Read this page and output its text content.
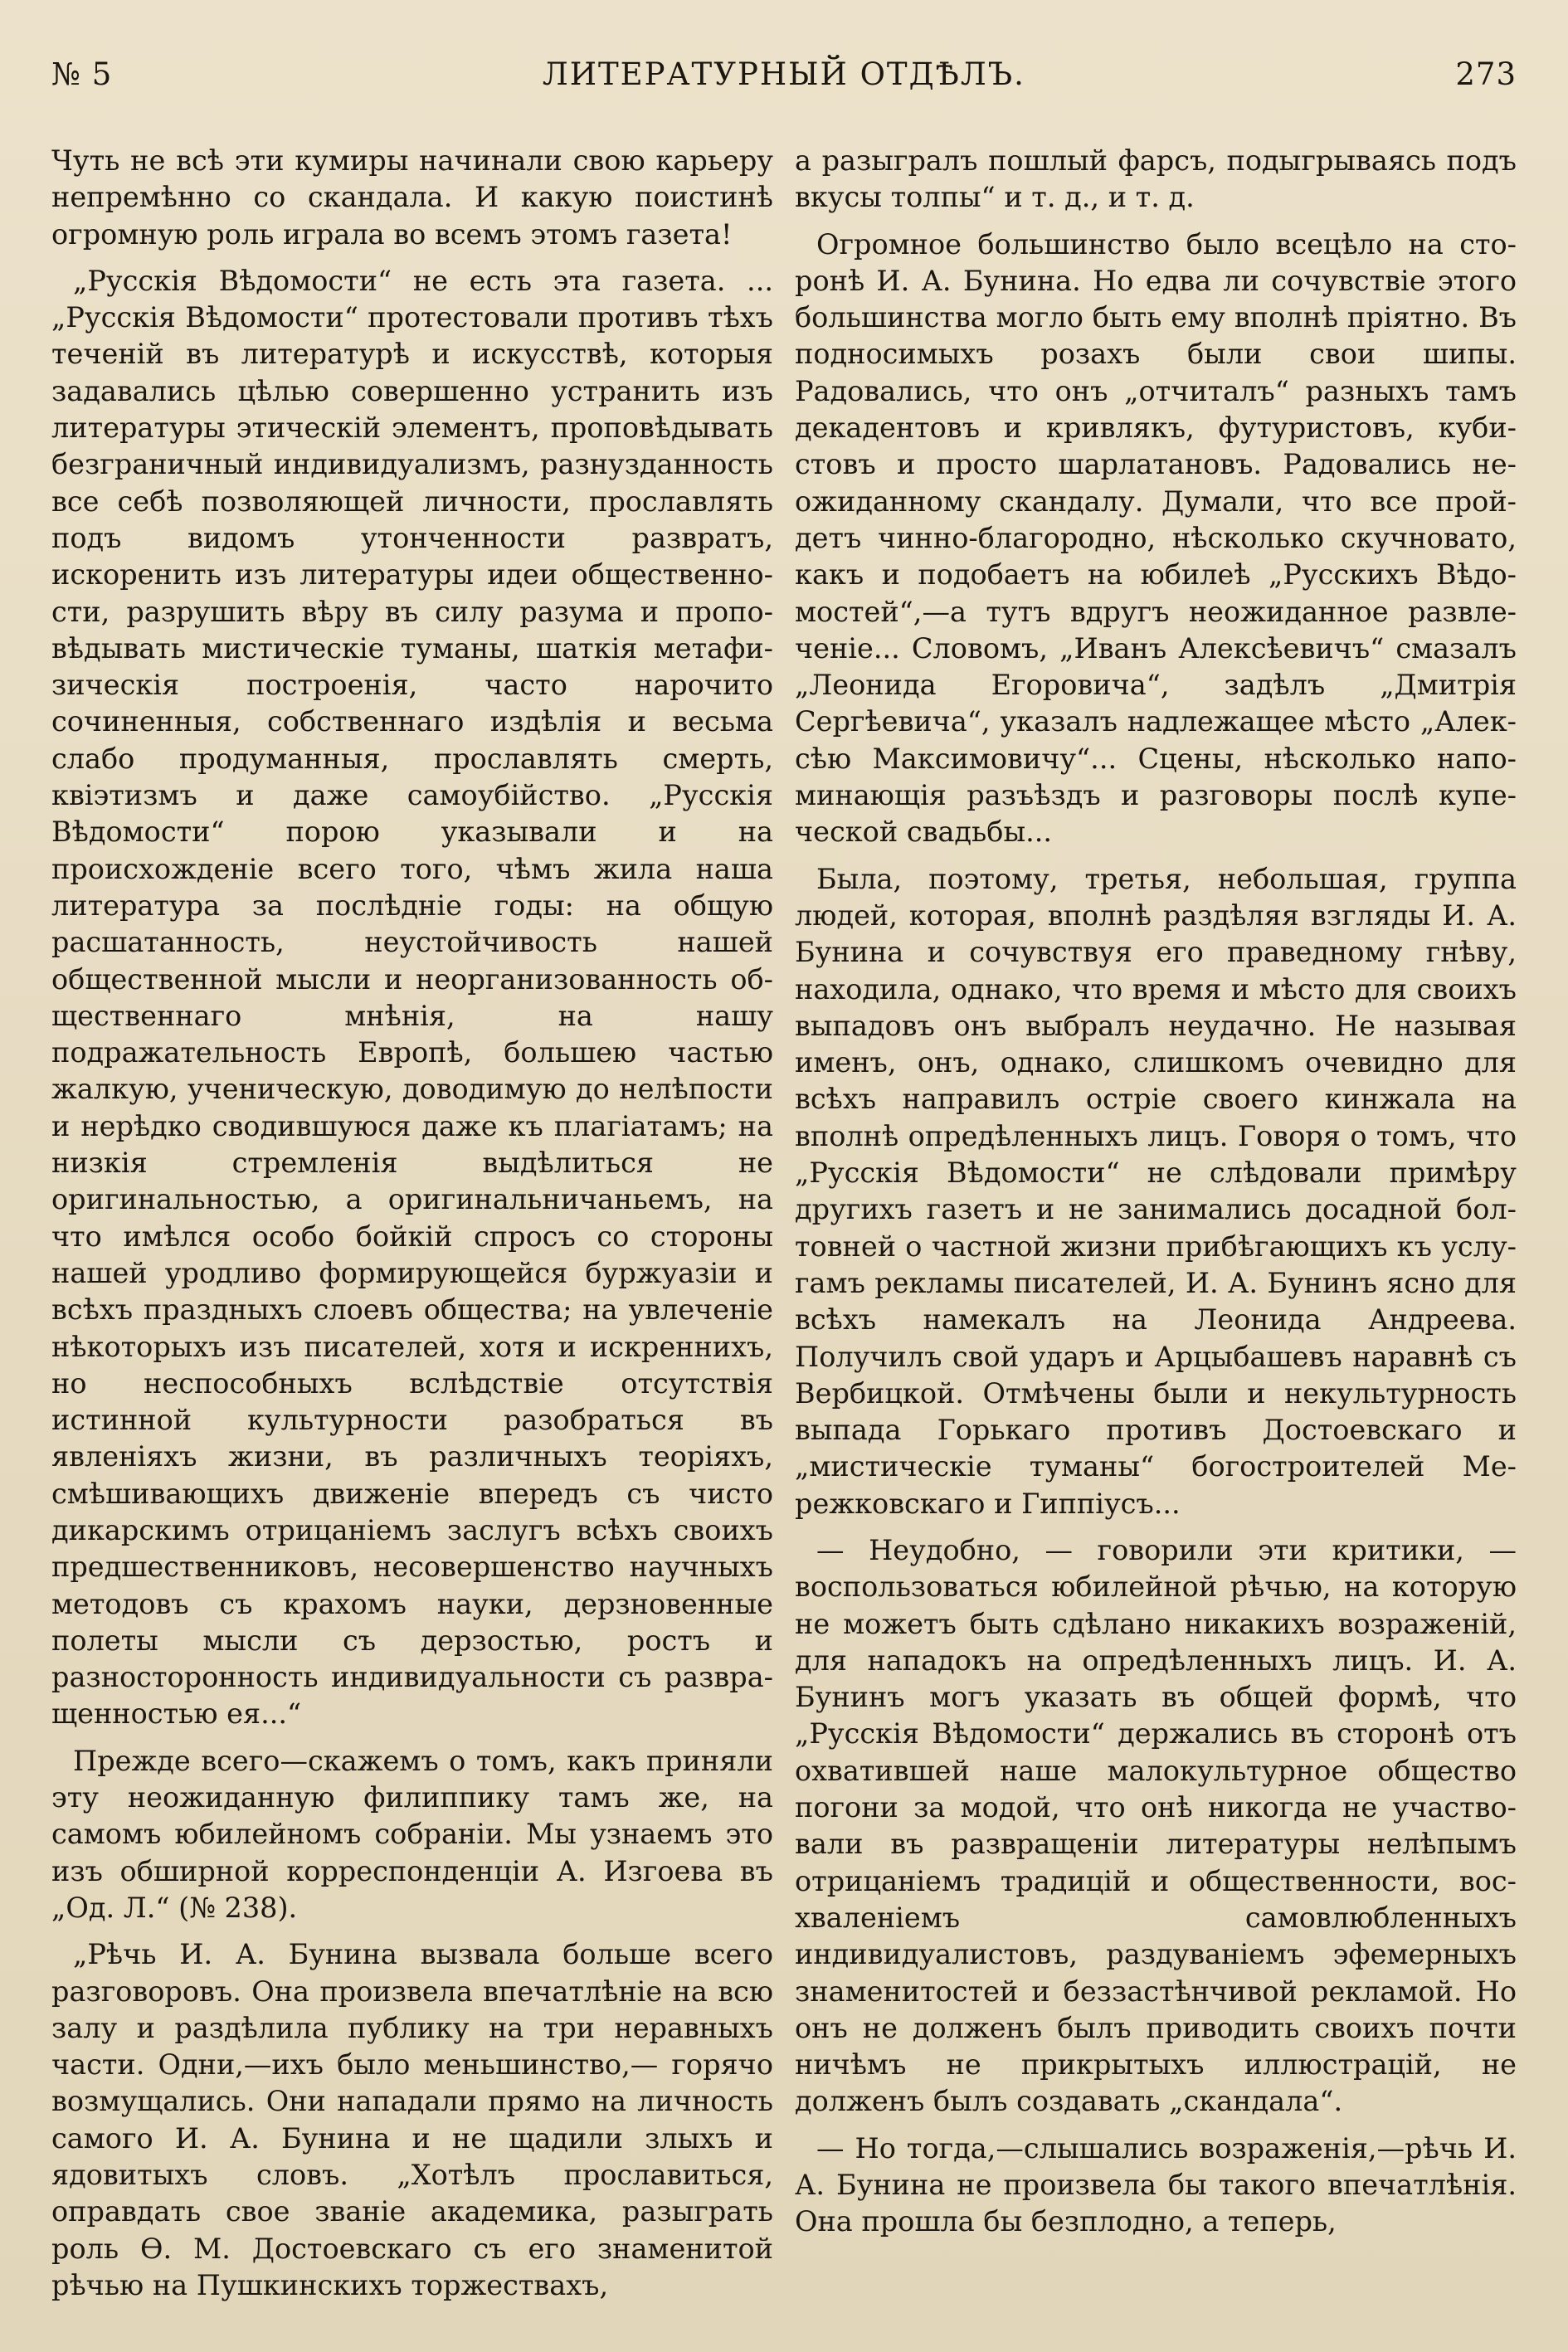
№ 5	ЛИТЕРАТУРНЫЙ ОТДѢЛЪ.	273

Чуть не всѣ эти кумиры начинали свою карьеру непремѣнно со скандала. И какую поистинѣ огромную роль играла во всемъ этомъ газета!

„Русскія Вѣдомости“ не есть эта газета. ...„Русскія Вѣдомости“ протестовали противъ тѣхъ теченій въ литературѣ и искусствѣ, которыя задавались цѣлью совершенно устранить изъ литературы этическій элементъ, проповѣдывать безграничный индивидуализмъ, разнузданность все себѣ позволяющей личности, прославлять подъ видомъ утонченности развратъ, искоренить изъ литературы идеи общественности, разрушить вѣру въ силу разума и проповѣдывать мистическіе туманы, шаткія метафизическія построенія, часто нарочито сочиненныя, собственнаго издѣлія и весьма слабо продуманныя, прославлять смерть, квіэтизмъ и даже самоубійство. „Русскія Вѣдомости“ порою указывали и на происхожденіе всего того, чѣмъ жила наша литература за послѣдніе годы: на общую расшатанность, неустойчивость нашей общественной мысли и неорганизованность общественнаго мнѣнія, на нашу подражательность Европѣ, большею частью жалкую, ученическую, доводимую до нелѣпости и нерѣдко сводившуюся даже къ плагіатамъ; на низкія стремленія выдѣлиться не оригинальностью, а оригинальничаньемъ, на что имѣлся особо бойкій спросъ со стороны нашей уродливо формирующейся буржуазіи и всѣхъ праздныхъ слоевъ общества; на увлеченіе нѣкоторыхъ изъ писателей, хотя и искреннихъ, но неспособныхъ вслѣдствіе отсутствія истинной культурности разобраться въ явленіяхъ жизни, въ различныхъ теоріяхъ, смѣшивающихъ движеніе впередъ съ чисто дикарскимъ отрицаніемъ заслугъ всѣхъ своихъ предшественниковъ, несовершенство научныхъ методовъ съ крахомъ науки, дерзновенные полеты мысли съ дерзостью, ростъ и разносторонность индивидуальности съ развращенностью ея...“

Прежде всего—скажемъ о томъ, какъ приняли эту неожиданную филиппику тамъ же, на самомъ юбилейномъ собраніи. Мы узнаемъ это изъ обширной корреспонденціи А. Изгоева въ „Од. Л.“ (№ 238).

„Рѣчь И. А. Бунина вызвала больше всего разговоровъ. Она произвела впечатлѣніе на всю залу и раздѣлила публику на три неравныхъ части. Одни,—ихъ было меньшинство,— горячо возмущались. Они нападали прямо на личность самого И. А. Бунина и не щадили злыхъ и ядовитыхъ словъ. „Хотѣлъ прославиться, оправдать свое званіе академика, разыграть роль Ѳ. М. Достоевскаго съ его знаменитой рѣчью на Пушкинскихъ торжествахъ,

а разыгралъ пошлый фарсъ, подыгрываясь подъ вкусы толпы“ и т. д., и т. д.

Огромное большинство было всецѣло на сторонѣ И. А. Бунина. Но едва ли сочувствіе этого большинства могло быть ему вполнѣ пріятно. Въ подносимыхъ розахъ были свои шипы. Радовались, что онъ „отчиталъ“ разныхъ тамъ декадентовъ и кривлякъ, футуристовъ, кубистовъ и просто шарлатановъ. Радовались неожиданному скандалу. Думали, что все пройдетъ чинно-благородно, нѣсколько скучновато, какъ и подобаетъ на юбилеѣ „Русскихъ Вѣдомостей“,—а тутъ вдругъ неожиданное развлеченіе... Словомъ, „Иванъ Алексѣевичъ“ смазалъ „Леонида Егоровича“, задѣлъ „Дмитрія Сергѣевича“, указалъ надлежащее мѣсто „Алексѣю Максимовичу“... Сцены, нѣсколько напоминающія разъѣздъ и разговоры послѣ купеческой свадьбы...

Была, поэтому, третья, небольшая, группа людей, которая, вполнѣ раздѣляя взгляды И. А. Бунина и сочувствуя его праведному гнѣву, находила, однако, что время и мѣсто для своихъ выпадовъ онъ выбралъ неудачно. Не называя именъ, онъ, однако, слишкомъ очевидно для всѣхъ направилъ остріе своего кинжала на вполнѣ опредѣленныхъ лицъ. Говоря о томъ, что „Русскія Вѣдомости“ не слѣдовали примѣру другихъ газетъ и не занимались досадной болтовней о частной жизни прибѣгающихъ къ услугамъ рекламы писателей, И. А. Бунинъ ясно для всѣхъ намекалъ на Леонида Андреева. Получилъ свой ударъ и Арцыбашевъ наравнѣ съ Вербицкой. Отмѣчены были и некультурность выпада Горькаго противъ Достоевскаго и „мистическіе туманы“ богостроителей Мережковскаго и Гиппіусъ...

— Неудобно, — говорили эти критики, — воспользоваться юбилейной рѣчью, на которую не можетъ быть сдѣлано никакихъ возраженій, для нападокъ на опредѣленныхъ лицъ. И. А. Бунинъ могъ указать въ общей формѣ, что „Русскія Вѣдомости“ держались въ сторонѣ отъ охватившей наше малокультурное общество погони за модой, что онѣ никогда не участвовали въ развращеніи литературы нелѣпымъ отрицаніемъ традицій и общественности, восхваленіемъ самовлюбленныхъ индивидуалистовъ, раздуваніемъ эфемерныхъ знаменитостей и беззастѣнчивой рекламой. Но онъ не долженъ былъ приводить своихъ почти ничѣмъ не прикрытыхъ иллюстрацій, не долженъ былъ создавать „скандала“.

— Но тогда,—слышались возраженія,—рѣчь И. А. Бунина не произвела бы такого впечатлѣнія. Она прошла бы безплодно, а теперь,
